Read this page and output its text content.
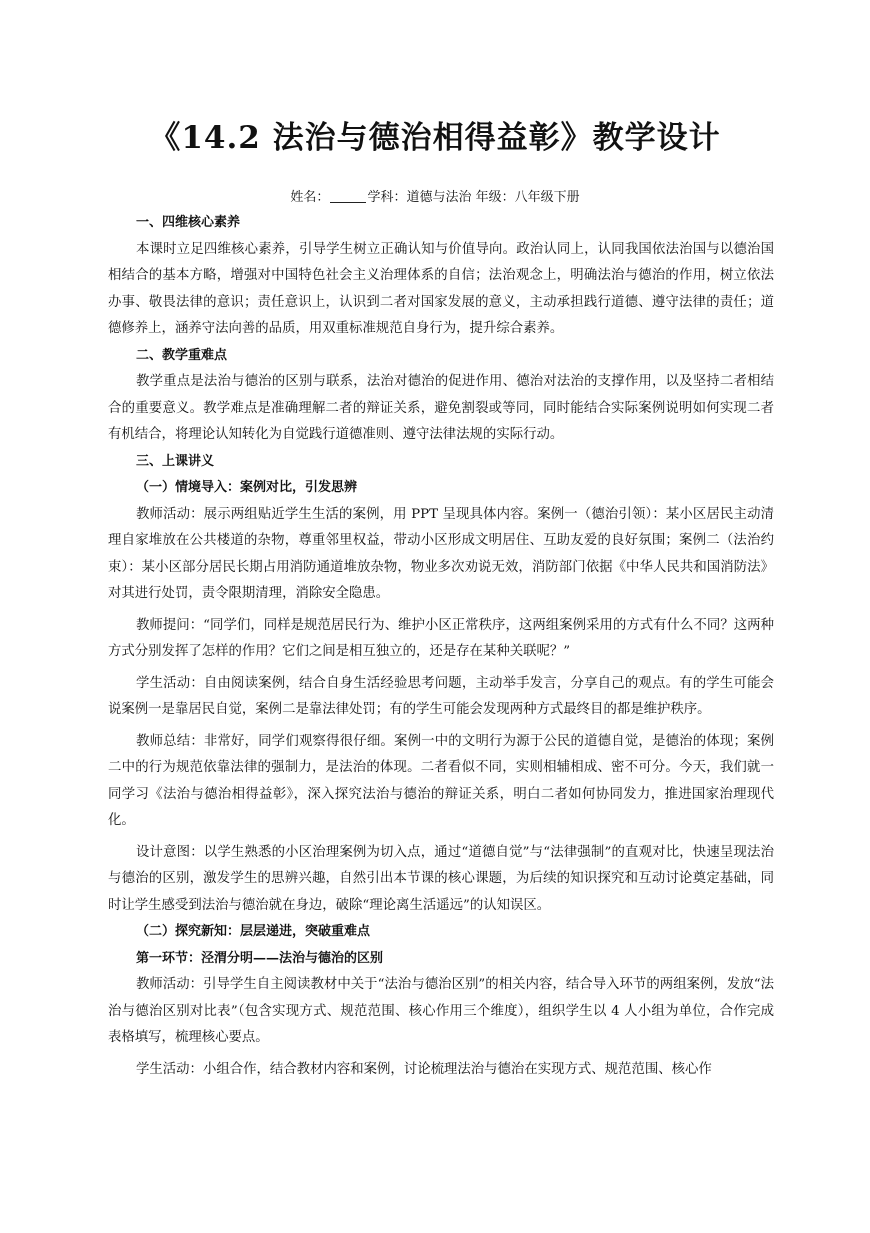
《14.2 法治与德治相得益彰》教学设计
姓名：	学科：道德与法治 年级：八年级下册
一、四维核心素养

本课时立足四维核心素养，引导学生树立正确认知与价值导向。政治认同上，认同我国依法治国与以德治国相结合的基本方略，增强对中国特色社会主义治理体系的自信；法治观念上，明确法治与德治的作用，树立依法办事、敬畏法律的意识；责任意识上，认识到二者对国家发展的意义，主动承担践行道德、遵守法律的责任；道德修养上，涵养守法向善的品质，用双重标准规范自身行为，提升综合素养。

二、教学重难点

教学重点是法治与德治的区别与联系，法治对德治的促进作用、德治对法治的支撑作用，以及坚持二者相结合的重要意义。教学难点是准确理解二者的辩证关系，避免割裂或等同，同时能结合实际案例说明如何实现二者有机结合，将理论认知转化为自觉践行道德准则、遵守法律法规的实际行动。

三、上课讲义
（一）情境导入：案例对比，引发思辨

教师活动：展示两组贴近学生生活的案例，用 PPT 呈现具体内容。案例一（德治引领）：某小区居民主动清理自家堆放在公共楼道的杂物，尊重邻里权益，带动小区形成文明居住、互助友爱的良好氛围；案例二（法治约束）：某小区部分居民长期占用消防通道堆放杂物，物业多次劝说无效，消防部门依据《中华人民共和国消防法》对其进行处罚，责令限期清理，消除安全隐患。

教师提问：“同学们，同样是规范居民行为、维护小区正常秩序，这两组案例采用的方式有什么不同？这两种方式分别发挥了怎样的作用？它们之间是相互独立的，还是存在某种关联呢？”

学生活动：自由阅读案例，结合自身生活经验思考问题，主动举手发言，分享自己的观点。有的学生可能会说案例一是靠居民自觉，案例二是靠法律处罚；有的学生可能会发现两种方式最终目的都是维护秩序。

教师总结：非常好，同学们观察得很仔细。案例一中的文明行为源于公民的道德自觉，是德治的体现；案例二中的行为规范依靠法律的强制力，是法治的体现。二者看似不同，实则相辅相成、密不可分。今天，我们就一同学习《法治与德治相得益彰》，深入探究法治与德治的辩证关系，明白二者如何协同发力，推进国家治理现代化。

设计意图：以学生熟悉的小区治理案例为切入点，通过“道德自觉”与“法律强制”的直观对比，快速呈现法治与德治的区别，激发学生的思辨兴趣，自然引出本节课的核心课题，为后续的知识探究和互动讨论奠定基础，同时让学生感受到法治与德治就在身边，破除“理论离生活遥远”的认知误区。

（二）探究新知：层层递进，突破重难点
第一环节：泾渭分明——法治与德治的区别

教师活动：引导学生自主阅读教材中关于“法治与德治区别”的相关内容，结合导入环节的两组案例，发放“法治与德治区别对比表”（包含实现方式、规范范围、核心作用三个维度），组织学生以 4 人小组为单位，合作完成表格填写，梳理核心要点。

学生活动：小组合作，结合教材内容和案例，讨论梳理法治与德治在实现方式、规范范围、核心作
